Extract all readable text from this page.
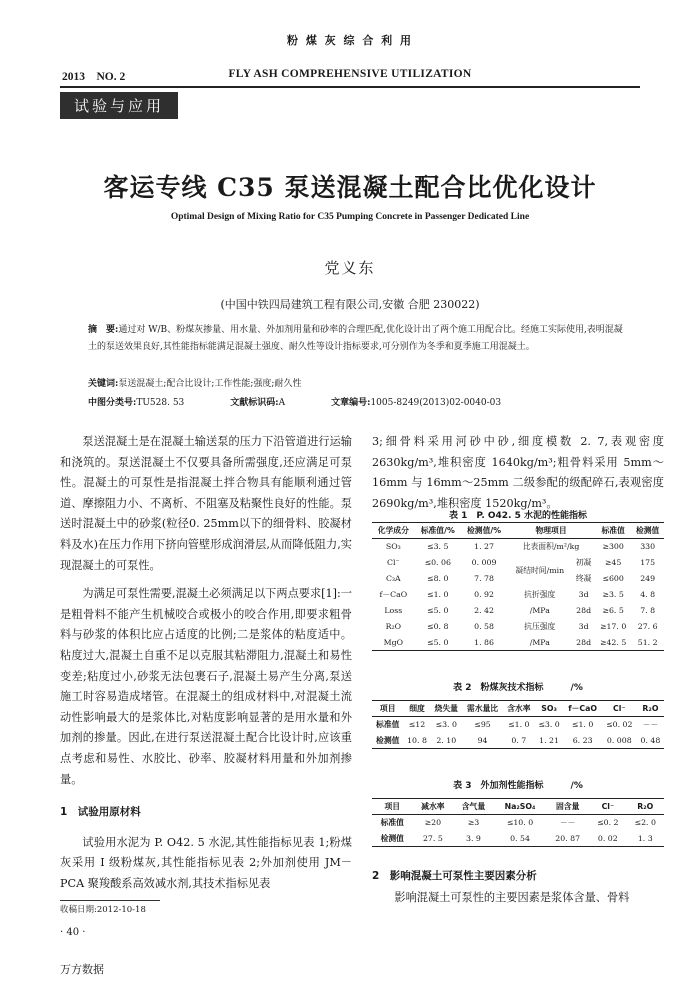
粉 煤 灰 综 合 利 用
2013　NO. 2	FLY ASH COMPREHENSIVE UTILIZATION
试验与应用
客运专线 C35 泵送混凝土配合比优化设计
Optimal Design of Mixing Ratio for C35 Pumping Concrete in Passenger Dedicated Line
党义东
(中国中铁四局建筑工程有限公司,安徽 合肥 230022)
摘　要:通过对 W/B、粉煤灰掺量、用水量、外加剂用量和砂率的合理匹配,优化设计出了两个施工用配合比。经施工实际使用,表明混凝土的泵送效果良好,其性能指标能满足混凝土强度、耐久性等设计指标要求,可分别作为冬季和夏季施工用混凝土。
关键词:泵送混凝土;配合比设计;工作性能;强度;耐久性
中图分类号:TU528. 53	文献标识码:A	文章编号:1005-8249(2013)02-0040-03

泵送混凝土是在混凝土输送泵的压力下沿管道进行运输和浇筑的。泵送混凝土不仅要具备所需强度,还应满足可泵性。混凝土的可泵性是指混凝土拌合物具有能顺利通过管道、摩擦阻力小、不离析、不阻塞及粘聚性良好的性能。泵送时混凝土中的砂浆(粒径0. 25mm以下的细骨料、胶凝材料及水)在压力作用下挤向管壁形成润滑层,从而降低阻力,实现混凝土的可泵性。

为满足可泵性需要,混凝土必须满足以下两点要求[1]:一是粗骨料不能产生机械咬合或极小的咬合作用,即要求粗骨料与砂浆的体积比应占适度的比例;二是浆体的粘度适中。粘度过大,混凝土自重不足以克服其粘滞阻力,混凝土和易性变差;粘度过小,砂浆无法包裹石子,混凝土易产生分离,泵送施工时容易造成堵管。在混凝土的组成材料中,对混凝土流动性影响最大的是浆体比,对粘度影响显著的是用水量和外加剂的掺量。因此,在进行泵送混凝土配合比设计时,应该重点考虑和易性、水胶比、砂率、胶凝材料用量和外加剂掺量。

1　试验用原材料

试验用水泥为 P. O42. 5 水泥,其性能指标见表 1;粉煤灰采用 I 级粉煤灰,其性能指标见表 2;外加剂使用 JM－PCA 聚羧酸系高效减水剂,其技术指标见表

3;细骨料采用河砂中砂,细度模数 2. 7,表观密度 2630kg/m³,堆积密度 1640kg/m³;粗骨料采用 5mm～16mm 与 16mm～25mm 二级参配的级配碎石,表观密度 2690kg/m³,堆积密度 1520kg/m³。

表 1　P. O42. 5 水泥的性能指标
化学成分	标准值/%	检测值/%	物理项目		标准值	检测值
SO₃	≤3. 5	1. 27	比表面积/m²/kg		≥300	330
Cl⁻	≤0. 06	0. 009	凝结时间/min	初凝	≥45	175
C₃A	≤8. 0	7. 78		终凝	≤600	249
f－CaO	≤1. 0	0. 92	抗折强度	3d	≥3. 5	4. 8
Loss	≤5. 0	2. 42	/MPa	28d	≥6. 5	7. 8
R₂O	≤0. 8	0. 58	抗压强度	3d	≥17. 0	27. 6
MgO	≤5. 0	1. 86	/MPa	28d	≥42. 5	51. 2
表 2　粉煤灰技术指标　　　/%
项目	细度	烧失量	需水量比	含水率	SO₃	f－CaO	Cl⁻	R₂O
标准值	≤12	≤3. 0	≤95	≤1. 0	≤3. 0	≤1. 0	≤0. 02	－－
检测值	10. 8	2. 10	94	0. 7	1. 21	6. 23	0. 008	0. 48
表 3　外加剂性能指标　　　/%
项目	减水率	含气量	Na₂SO₄	固含量	Cl⁻	R₂O
标准值	≥20	≥3	≤10. 0	－－	≤0. 2	≤2. 0
检测值	27. 5	3. 9	0. 54	20. 87	0. 02	1. 3
2　影响混凝土可泵性主要因素分析
影响混凝土可泵性的主要因素是浆体含量、骨料
收稿日期:2012-10-18
· 40 ·
万方数据
